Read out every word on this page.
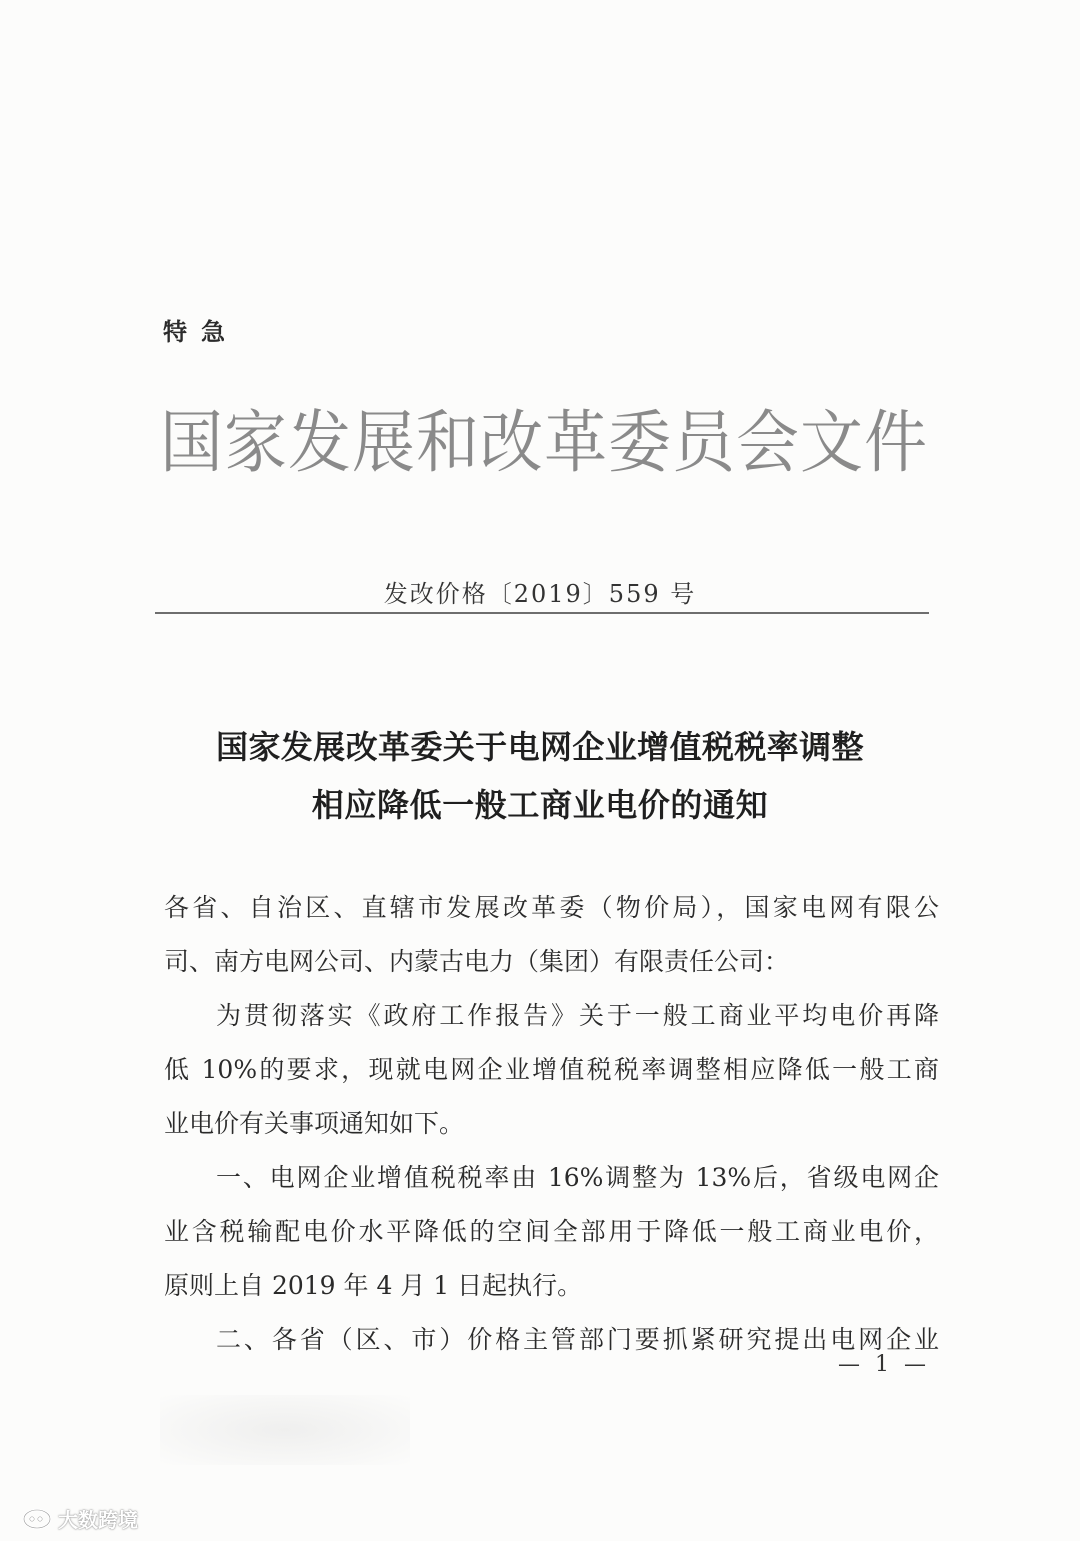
特急
国家发展和改革委员会文件
发改价格〔2019〕559 号
国家发展改革委关于电网企业增值税税率调整
相应降低一般工商业电价的通知
各省、自治区、直辖市发展改革委（物价局），国家电网有限公
司、南方电网公司、内蒙古电力（集团）有限责任公司：
为贯彻落实《政府工作报告》关于一般工商业平均电价再降
低 10%的要求，现就电网企业增值税税率调整相应降低一般工商
业电价有关事项通知如下。
一、电网企业增值税税率由 16%调整为 13%后，省级电网企
业含税输配电价水平降低的空间全部用于降低一般工商业电价，
原则上自 2019 年 4 月 1 日起执行。
二、各省（区、市）价格主管部门要抓紧研究提出电网企业
— 1 —
大数跨境
